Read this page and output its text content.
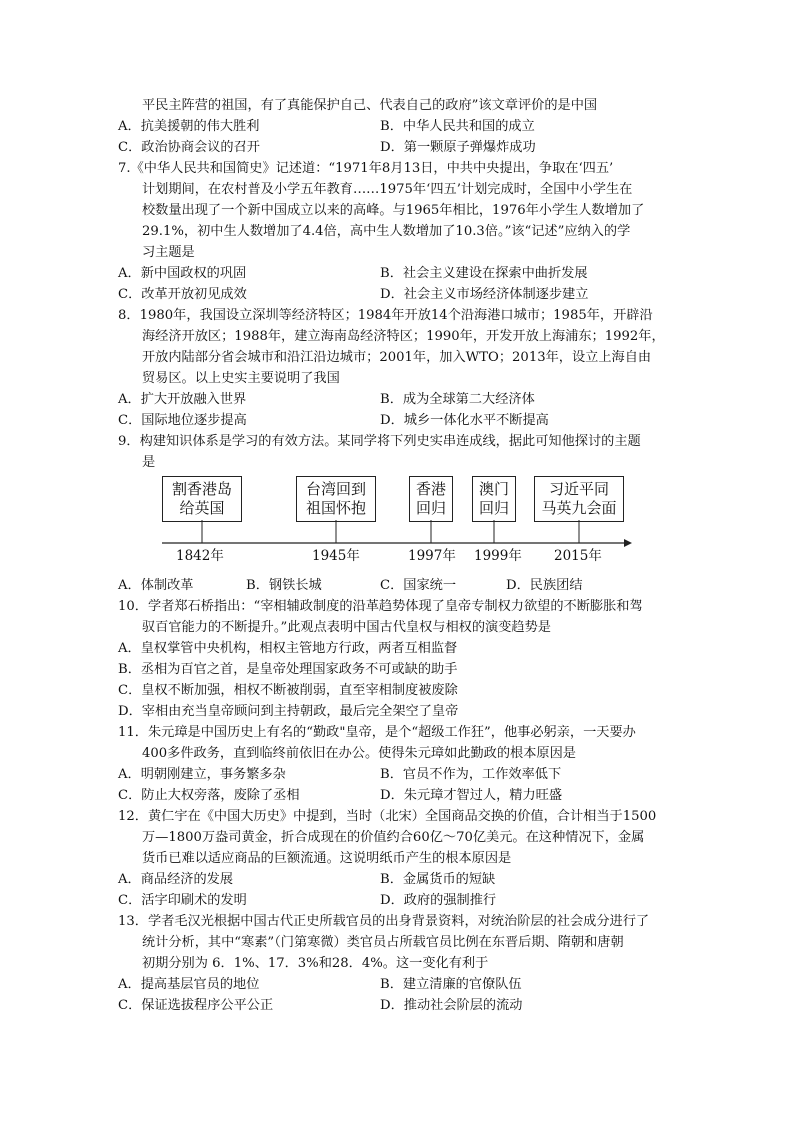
平民主阵营的祖国，有了真能保护自己、代表自己的政府”该文章评价的是中国
A．抗美援朝的伟大胜利	B．中华人民共和国的成立
C．政治协商会议的召开	D．第一颗原子弹爆炸成功
7.《中华人民共和国简史》记述道：“1971年8月13日，中共中央提出，争取在‘四五’
计划期间，在农村普及小学五年教育……1975年‘四五’计划完成时，全国中小学生在
校数量出现了一个新中国成立以来的高峰。与1965年相比，1976年小学生人数增加了
29.1%，初中生人数增加了4.4倍，高中生人数增加了10.3倍。”该“记述”应纳入的学
习主题是
A．新中国政权的巩固	B．社会主义建设在探索中曲折发展
C．改革开放初见成效	D．社会主义市场经济体制逐步建立
8．1980年，我国设立深圳等经济特区；1984年开放14个沿海港口城市；1985年，开辟沿
海经济开放区；1988年，建立海南岛经济特区；1990年，开发开放上海浦东；1992年，
开放内陆部分省会城市和沿江沿边城市；2001年，加入WTO；2013年，设立上海自由
贸易区。以上史实主要说明了我国
A．扩大开放融入世界	B．成为全球第二大经济体
C．国际地位逐步提高	D．城乡一体化水平不断提高
9．构建知识体系是学习的有效方法。某同学将下列史实串连成线，据此可知他探讨的主题
是
割香港岛
给英国
台湾回到
祖国怀抱
香港
回归
澳门
回归
习近平同
马英九会面
1842年	1945年	1997年 1999年 2015年
A．体制改革	B．钢铁长城	C．国家统一	D．民族团结
10．学者郑石桥指出：“宰相辅政制度的沿革趋势体现了皇帝专制权力欲望的不断膨胀和驾
驭百官能力的不断提升。”此观点表明中国古代皇权与相权的演变趋势是
A．皇权掌管中央机构，相权主管地方行政，两者互相监督
B．丞相为百官之首，是皇帝处理国家政务不可或缺的助手
C．皇权不断加强，相权不断被削弱，直至宰相制度被废除
D．宰相由充当皇帝顾问到主持朝政，最后完全架空了皇帝
11．朱元璋是中国历史上有名的“勤政"皇帝，是个“超级工作狂”，他事必躬亲，一天要办
400多件政务，直到临终前依旧在办公。使得朱元璋如此勤政的根本原因是
A．明朝刚建立，事务繁多杂	B．官员不作为，工作效率低下
C．防止大权旁落，废除了丞相	D．朱元璋才智过人，精力旺盛
12．黄仁宇在《中国大历史》中提到，当时（北宋）全国商品交换的价值，合计相当于1500
万—1800万盎司黄金，折合成现在的价值约合60亿～70亿美元。在这种情况下，金属
货币已难以适应商品的巨额流通。这说明纸币产生的根本原因是
A．商品经济的发展	B．金属货币的短缺
C．活字印刷术的发明	D．政府的强制推行
13．学者毛汉光根据中国古代正史所载官员的出身背景资料，对统治阶层的社会成分进行了
统计分析，其中“寒素”（门第寒微）类官员占所载官员比例在东晋后期、隋朝和唐朝
初期分别为 6．1%、17．3%和28．4%。这一变化有利于
A．提高基层官员的地位	B．建立清廉的官僚队伍
C．保证选拔程序公平公正	D．推动社会阶层的流动
